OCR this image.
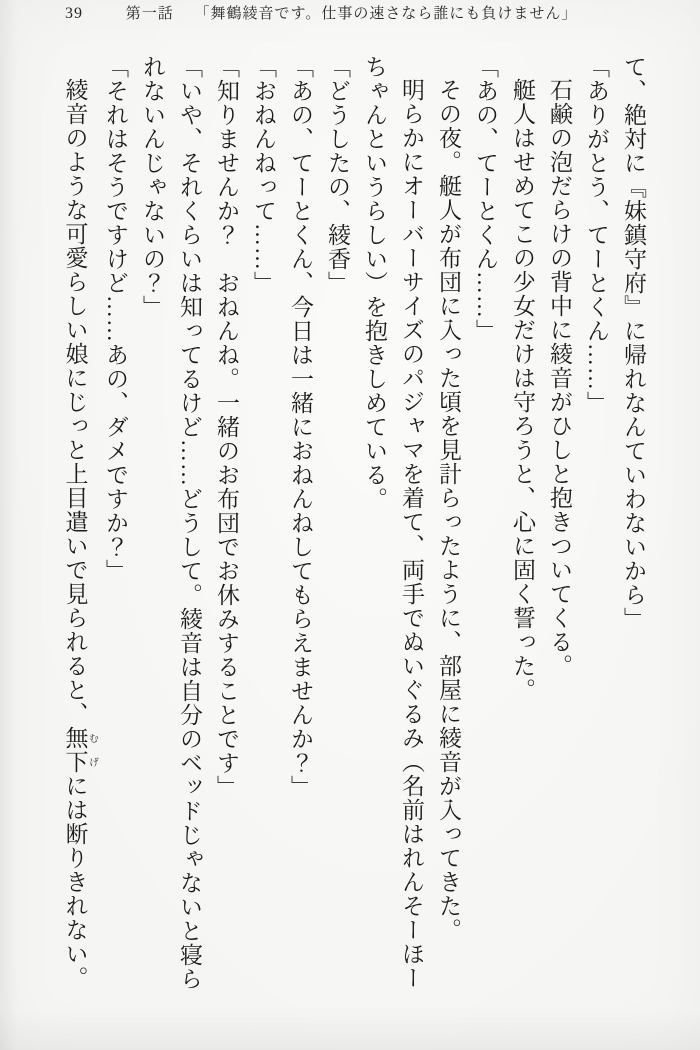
39	第一話 「舞鶴綾音です。仕事の速さなら誰にも負けません」

て、絶対に『妹鎮守府』に帰れなんていわないから」

「ありがとう、てーとくん……」

石鹸の泡だらけの背中に綾音がひしと抱きついてくる。

艇人はせめてこの少女だけは守ろうと、心に固く誓った。

「あの、てーとくん……」

その夜。艇人が布団に入った頃を見計らったように、部屋に綾音が入ってきた。

明らかにオーバーサイズのパジャマを着て、両手でぬいぐるみ（名前はれんそーほーちゃんというらしい）を抱きしめている。

「どうしたの、綾香」

「あの、てーとくん、今日は一緒におねんねしてもらえませんか？」

「おねんねって……」

「知りませんか？　おねんね。一緒のお布団でお休みすることです」

「いや、それくらいは知ってるけど……どうして。綾音は自分のベッドじゃないと寝られないんじゃないの？」

「それはそうですけど……あの、ダメですか？」

綾音のような可愛らしい娘にじっと上目遣いで見られると、無下 むげには断りきれない。
